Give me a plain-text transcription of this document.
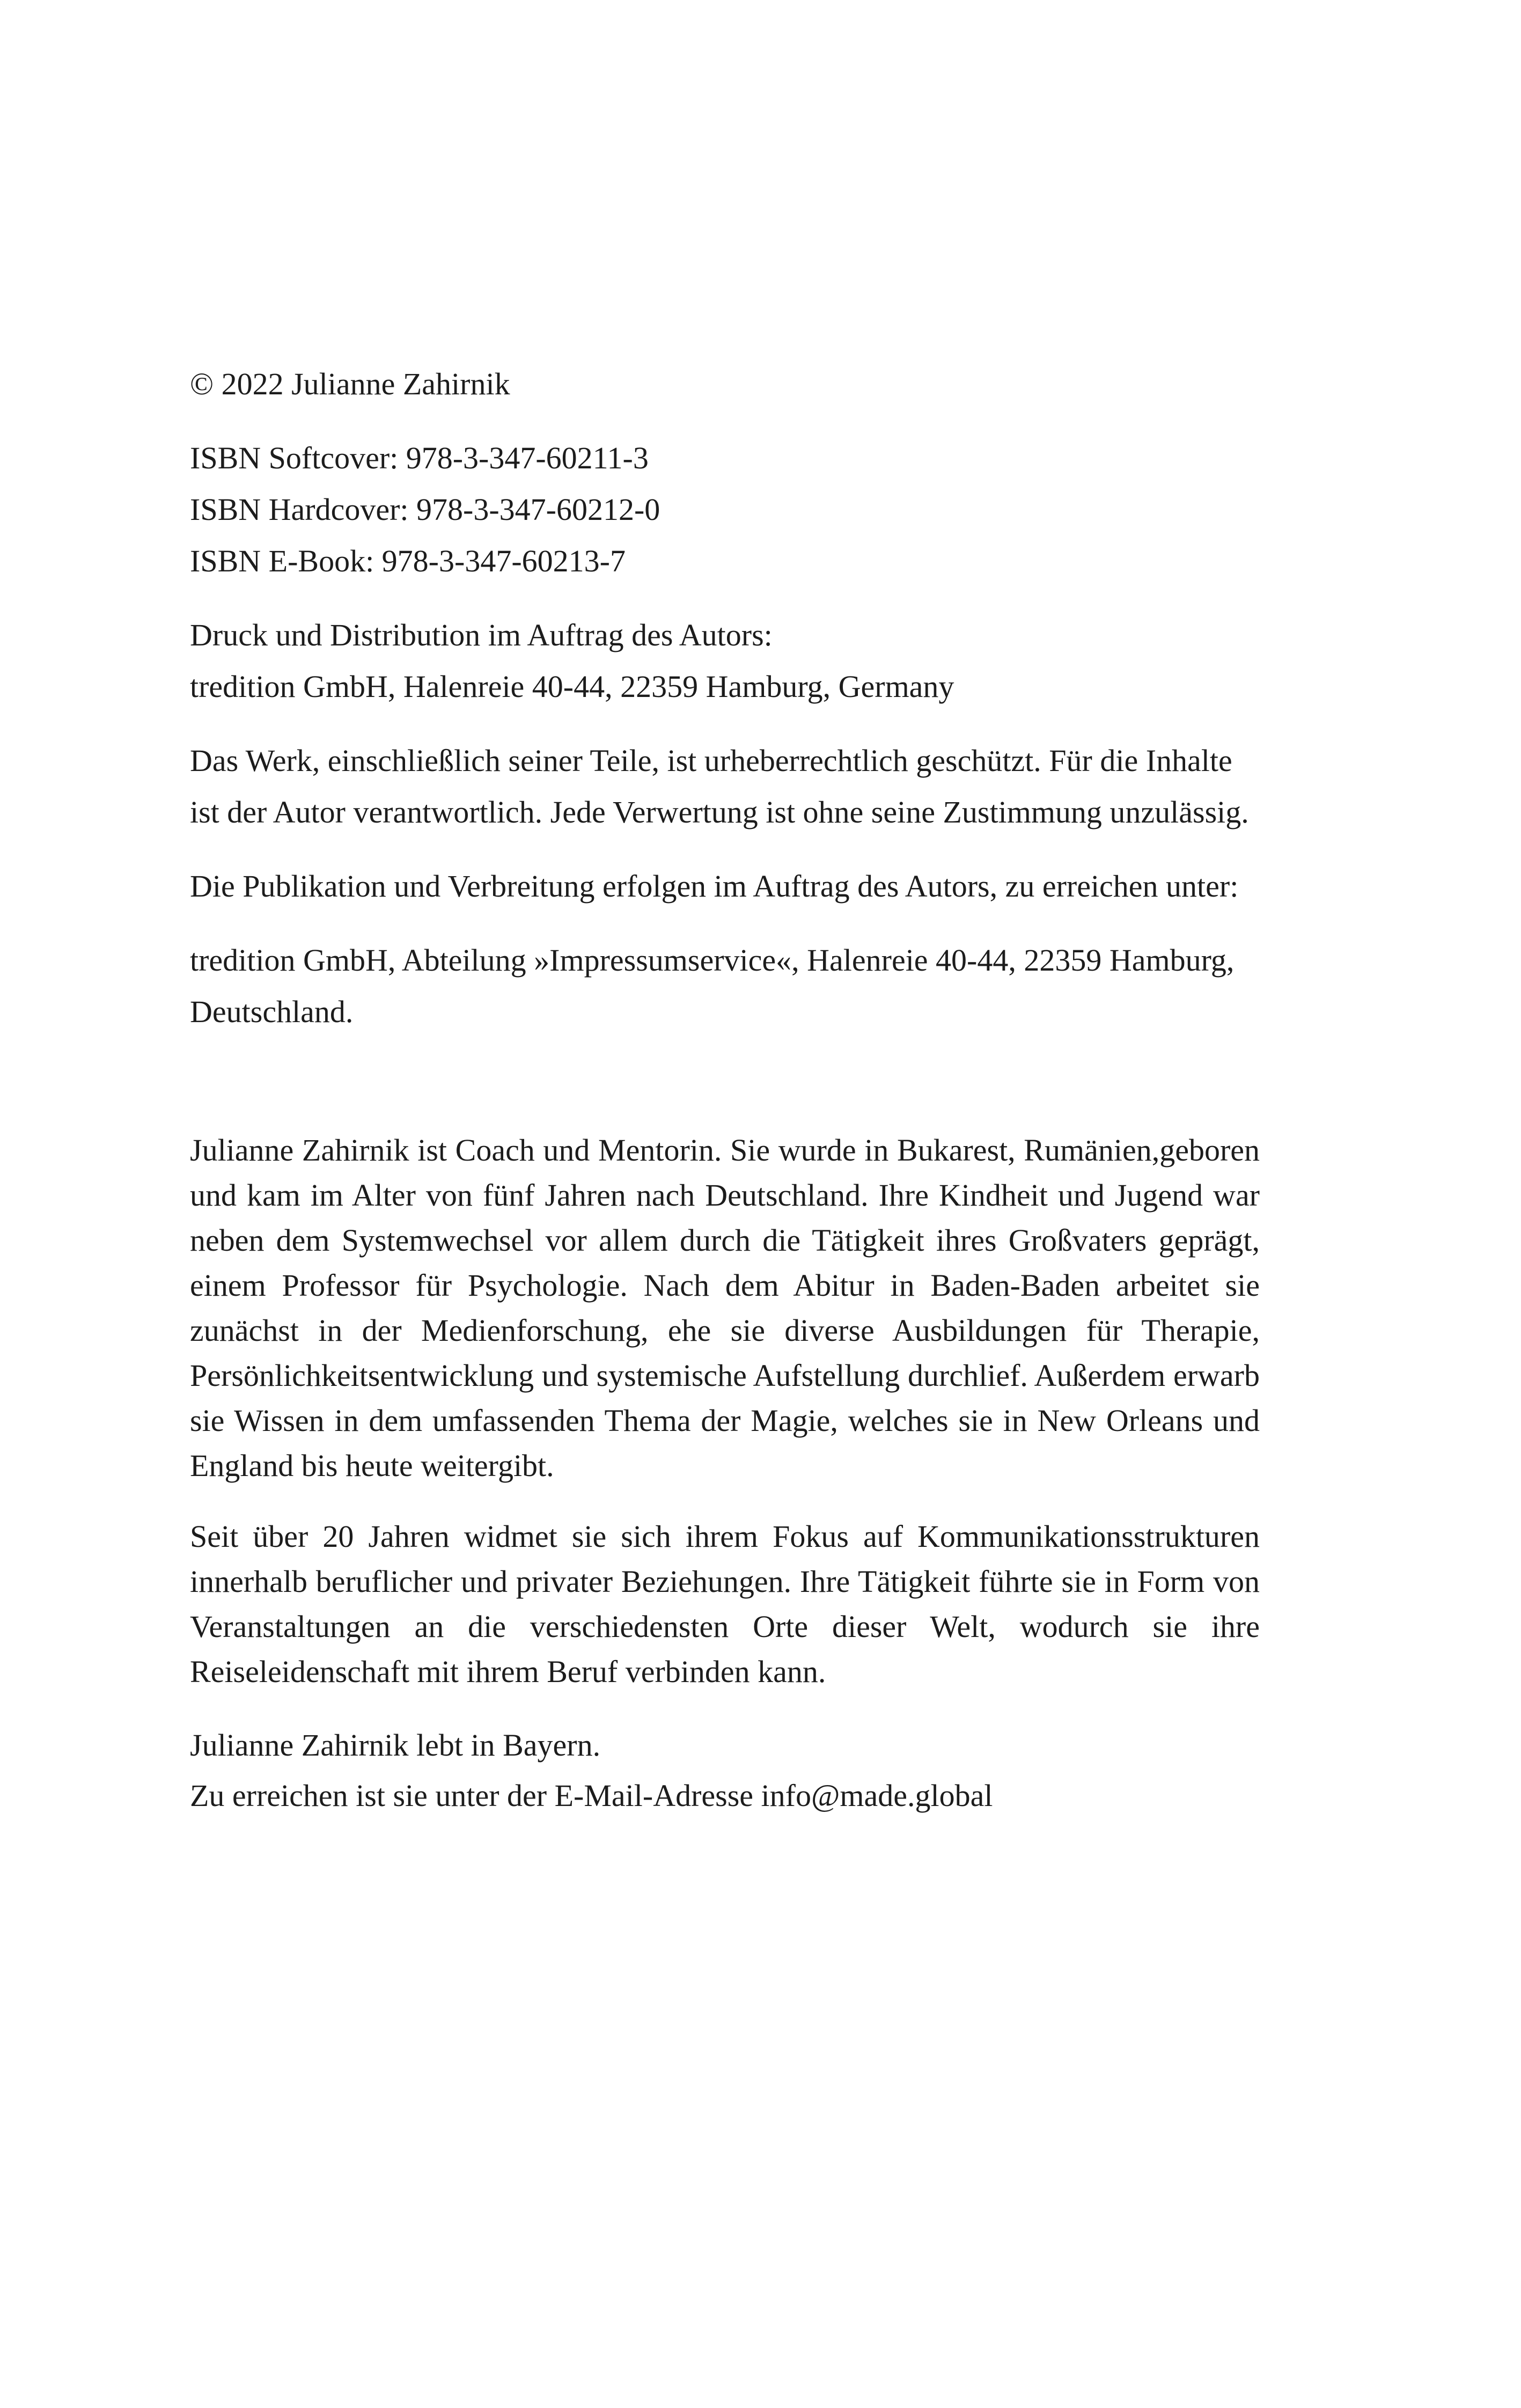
© 2022 Julianne Zahirnik

ISBN Softcover: 978-3-347-60211-3

ISBN Hardcover: 978-3-347-60212-0

ISBN E-Book: 978-3-347-60213-7

Druck und Distribution im Auftrag des Autors:

tredition GmbH, Halenreie 40-44, 22359 Hamburg, Germany

Das Werk, einschließlich seiner Teile, ist urheberrechtlich geschützt. Für die Inhalte ist der Autor verantwortlich. Jede Verwertung ist ohne seine Zustimmung unzulässig.

Die Publikation und Verbreitung erfolgen im Auftrag des Autors, zu erreichen unter:

tredition GmbH, Abteilung »Impressumservice«, Halenreie 40-44, 22359 Hamburg, Deutschland.

Julianne Zahirnik ist Coach und Mentorin. Sie wurde in Bukarest, Rumänien,geboren und kam im Alter von fünf Jahren nach Deutschland. Ihre Kindheit und Jugend war neben dem Systemwechsel vor allem durch die Tätigkeit ihres Großvaters geprägt, einem Professor für Psychologie. Nach dem Abitur in Baden-Baden arbeitet sie zunächst in der Medienforschung, ehe sie diverse Ausbildungen für Therapie, Persönlichkeitsentwicklung und systemische Aufstellung durchlief. Außerdem erwarb sie Wissen in dem umfassenden Thema der Magie, welches sie in New Orleans und England bis heute weitergibt.

Seit über 20 Jahren widmet sie sich ihrem Fokus auf Kommunikationsstrukturen innerhalb beruflicher und privater Beziehungen. Ihre Tätigkeit führte sie in Form von Veranstaltungen an die verschiedensten Orte dieser Welt, wodurch sie ihre Reiseleidenschaft mit ihrem Beruf verbinden kann.

Julianne Zahirnik lebt in Bayern.

Zu erreichen ist sie unter der E-Mail-Adresse info@made.global
